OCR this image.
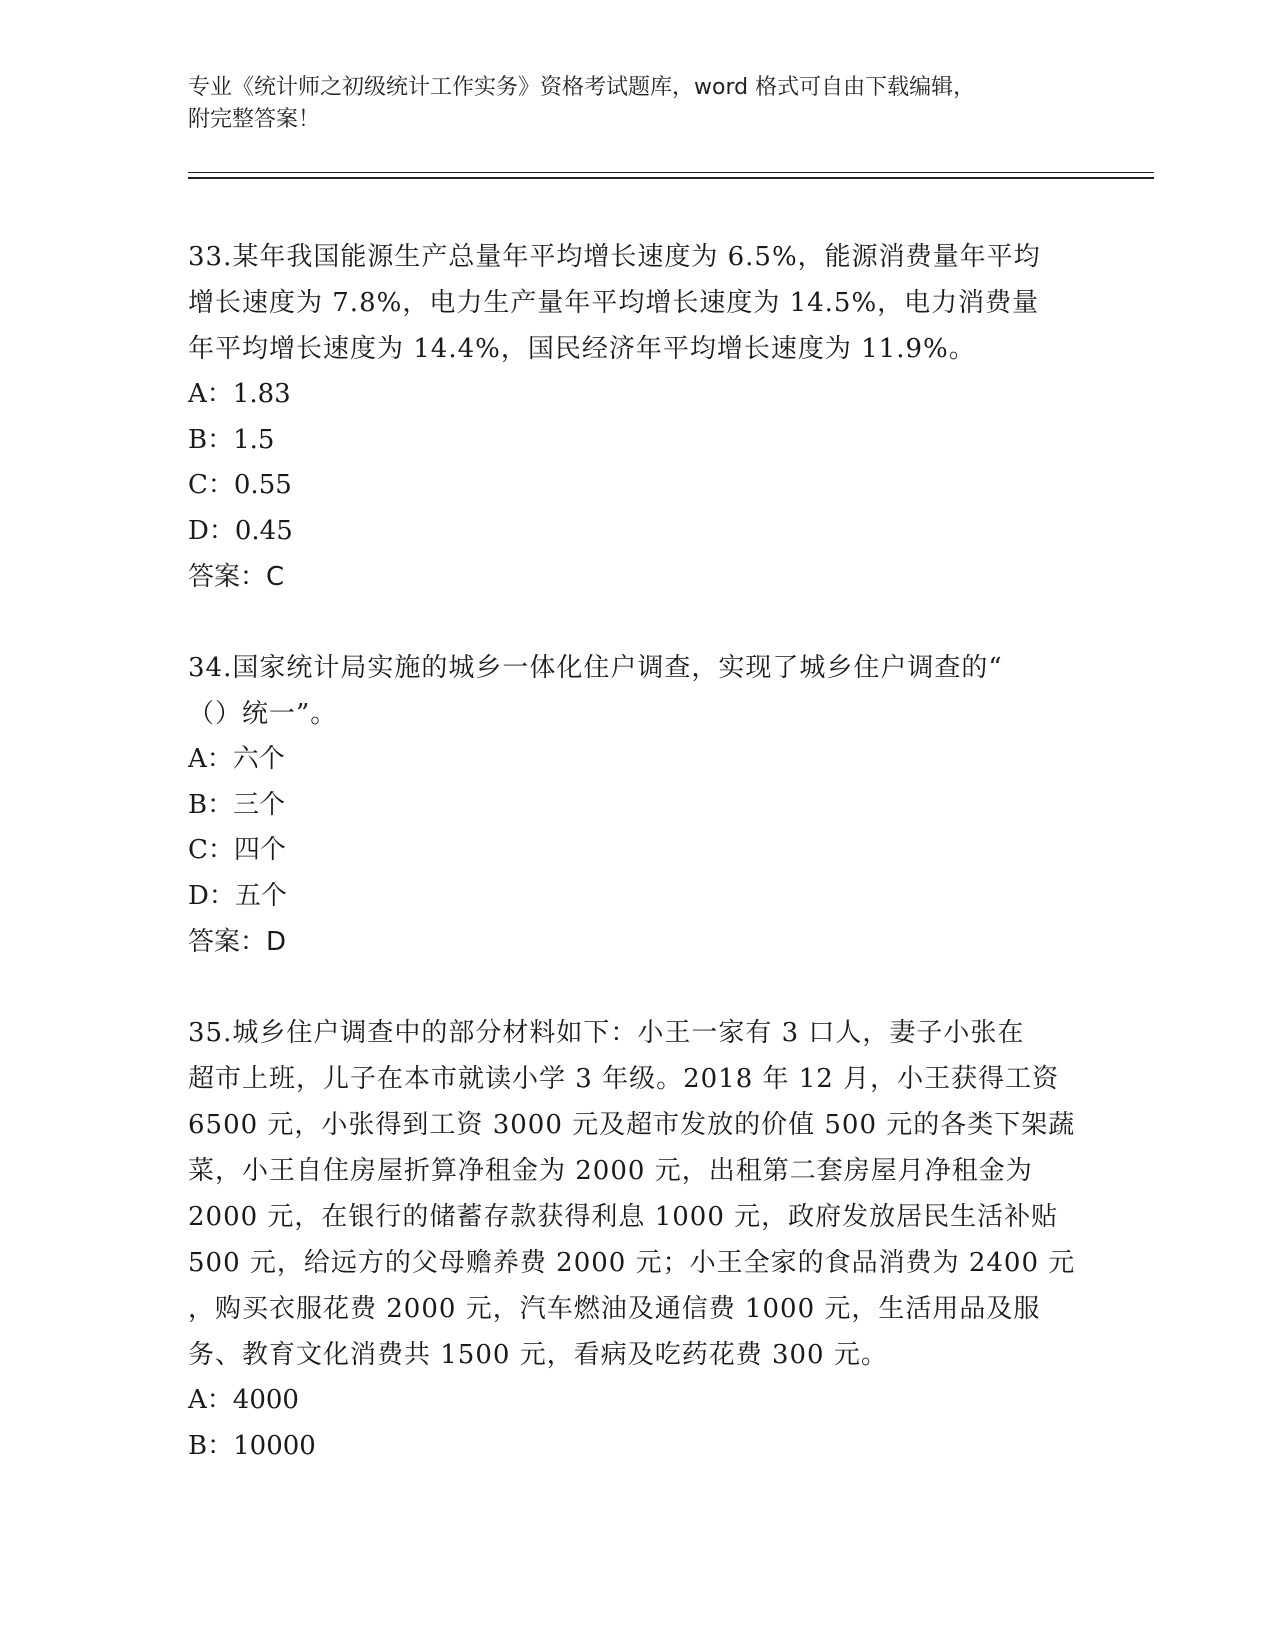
专业《统计师之初级统计工作实务》资格考试题库，word 格式可自由下载编辑，
附完整答案！

33.某年我国能源生产总量年平均增长速度为 6.5%，能源消费量年平均
增长速度为 7.8%，电力生产量年平均增长速度为 14.5%，电力消费量
年平均增长速度为 14.4%，国民经济年平均增长速度为 11.9%。

A：1.83

B：1.5

C：0.55

D：0.45

答案：C

34.国家统计局实施的城乡一体化住户调查，实现了城乡住户调查的“
（）统一”。

A：六个

B：三个

C：四个

D：五个

答案：D

35.城乡住户调查中的部分材料如下：小王一家有 3 口人，妻子小张在
超市上班，儿子在本市就读小学 3 年级。2018 年 12 月，小王获得工资
6500 元，小张得到工资 3000 元及超市发放的价值 500 元的各类下架蔬
菜，小王自住房屋折算净租金为 2000 元，出租第二套房屋月净租金为
2000 元，在银行的储蓄存款获得利息 1000 元，政府发放居民生活补贴
500 元，给远方的父母赡养费 2000 元；小王全家的食品消费为 2400 元
，购买衣服花费 2000 元，汽车燃油及通信费 1000 元，生活用品及服
务、教育文化消费共 1500 元，看病及吃药花费 300 元。

A：4000

B：10000
